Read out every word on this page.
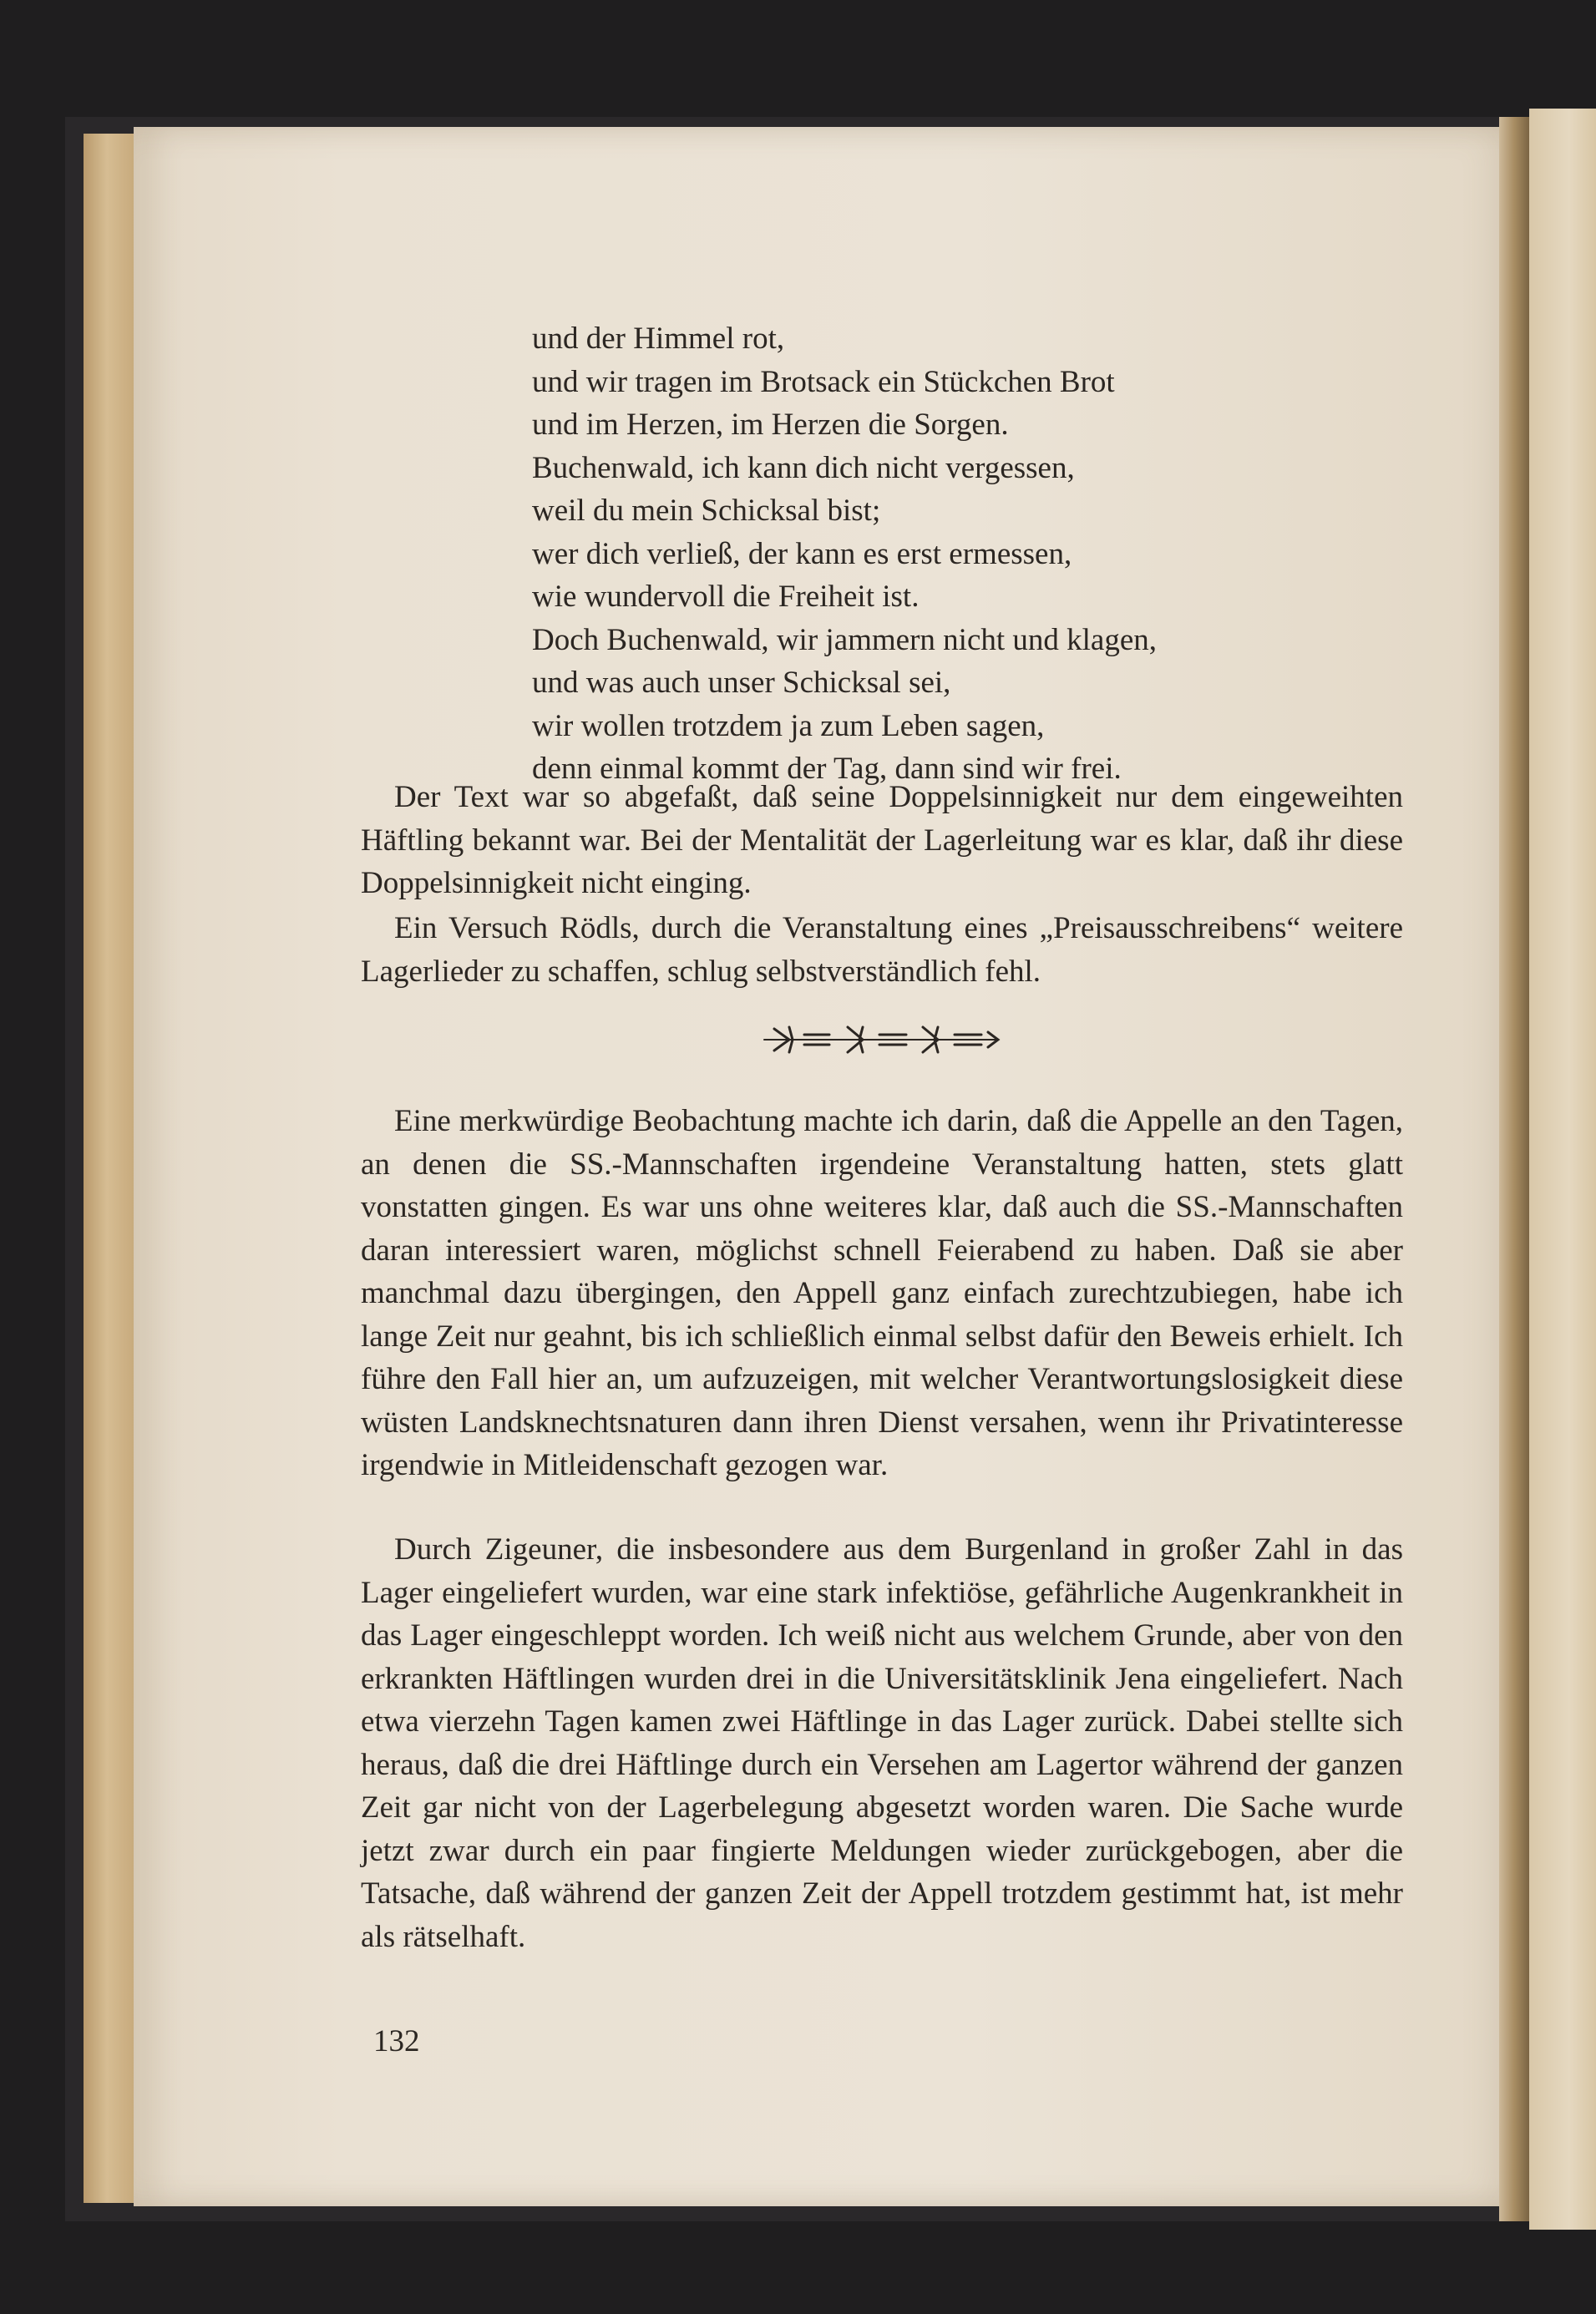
und der Himmel rot,
und wir tragen im Brotsack ein Stückchen Brot
und im Herzen, im Herzen die Sorgen.
Buchenwald, ich kann dich nicht vergessen,
weil du mein Schicksal bist;
wer dich verließ, der kann es erst ermessen,
wie wundervoll die Freiheit ist.
Doch Buchenwald, wir jammern nicht und klagen,
und was auch unser Schicksal sei,
wir wollen trotzdem ja zum Leben sagen,
denn einmal kommt der Tag, dann sind wir frei.

Der Text war so abgefaßt, daß seine Doppelsinnigkeit nur dem eingeweihten Häftling bekannt war. Bei der Mentalität der Lagerleitung war es klar, daß ihr diese Doppelsinnigkeit nicht einging.

Ein Versuch Rödls, durch die Veranstaltung eines „Preisausschreibens“ weitere Lagerlieder zu schaffen, schlug selbstverständlich fehl.

Eine merkwürdige Beobachtung machte ich darin, daß die Appelle an den Tagen, an denen die SS.-Mannschaften irgendeine Veranstaltung hatten, stets glatt vonstatten gingen. Es war uns ohne weiteres klar, daß auch die SS.-Mannschaften daran interessiert waren, möglichst schnell Feierabend zu haben. Daß sie aber manchmal dazu übergingen, den Appell ganz einfach zurechtzubiegen, habe ich lange Zeit nur geahnt, bis ich schließlich einmal selbst dafür den Beweis erhielt. Ich führe den Fall hier an, um aufzuzeigen, mit welcher Verantwortungslosigkeit diese wüsten Landsknechtsnaturen dann ihren Dienst versahen, wenn ihr Privatinteresse irgendwie in Mitleidenschaft gezogen war.

Durch Zigeuner, die insbesondere aus dem Burgenland in großer Zahl in das Lager eingeliefert wurden, war eine stark infektiöse, gefährliche Augenkrankheit in das Lager eingeschleppt worden. Ich weiß nicht aus welchem Grunde, aber von den erkrankten Häftlingen wurden drei in die Universitätsklinik Jena eingeliefert. Nach etwa vierzehn Tagen kamen zwei Häftlinge in das Lager zurück. Dabei stellte sich heraus, daß die drei Häftlinge durch ein Versehen am Lagertor während der ganzen Zeit gar nicht von der Lagerbelegung abgesetzt worden waren. Die Sache wurde jetzt zwar durch ein paar fingierte Meldungen wieder zurückgebogen, aber die Tatsache, daß während der ganzen Zeit der Appell trotzdem gestimmt hat, ist mehr als rätselhaft.

132
